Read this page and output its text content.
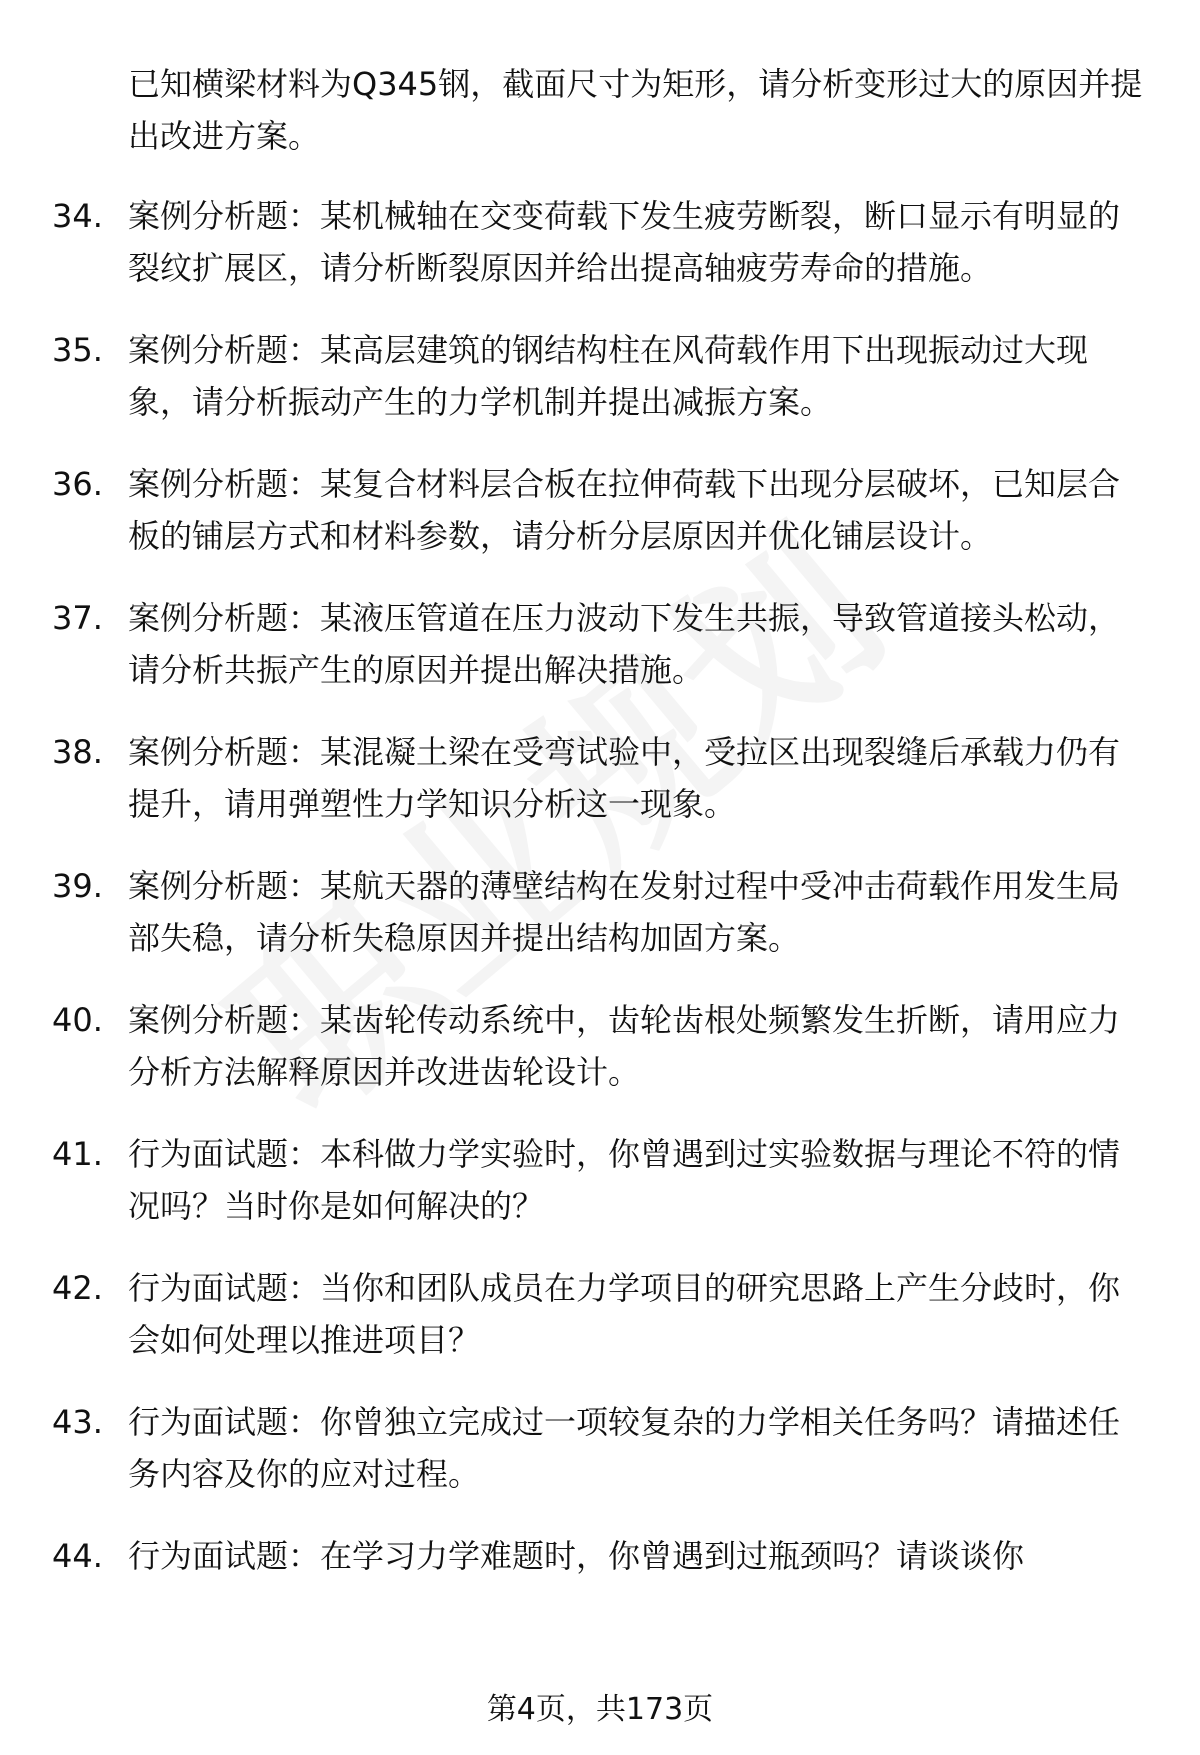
已知横梁材料为Q345钢，截面尺寸为矩形，请分析变形过大的原因并提出改进方案。

34. 案例分析题：某机械轴在交变荷载下发生疲劳断裂，断口显示有明显的裂纹扩展区，请分析断裂原因并给出提高轴疲劳寿命的措施。
35. 案例分析题：某高层建筑的钢结构柱在风荷载作用下出现振动过大现象，请分析振动产生的力学机制并提出减振方案。
36. 案例分析题：某复合材料层合板在拉伸荷载下出现分层破坏，已知层合板的铺层方式和材料参数，请分析分层原因并优化铺层设计。
37. 案例分析题：某液压管道在压力波动下发生共振，导致管道接头松动，请分析共振产生的原因并提出解决措施。
38. 案例分析题：某混凝土梁在受弯试验中，受拉区出现裂缝后承载力仍有提升，请用弹塑性力学知识分析这一现象。
39. 案例分析题：某航天器的薄壁结构在发射过程中受冲击荷载作用发生局部失稳，请分析失稳原因并提出结构加固方案。
40. 案例分析题：某齿轮传动系统中，齿轮齿根处频繁发生折断，请用应力分析方法解释原因并改进齿轮设计。
41. 行为面试题：本科做力学实验时，你曾遇到过实验数据与理论不符的情况吗？当时你是如何解决的？
42. 行为面试题：当你和团队成员在力学项目的研究思路上产生分歧时，你会如何处理以推进项目？
43. 行为面试题：你曾独立完成过一项较复杂的力学相关任务吗？请描述任务内容及你的应对过程。
44. 行为面试题：在学习力学难题时，你曾遇到过瓶颈吗？请谈谈你
第4页，共173页
